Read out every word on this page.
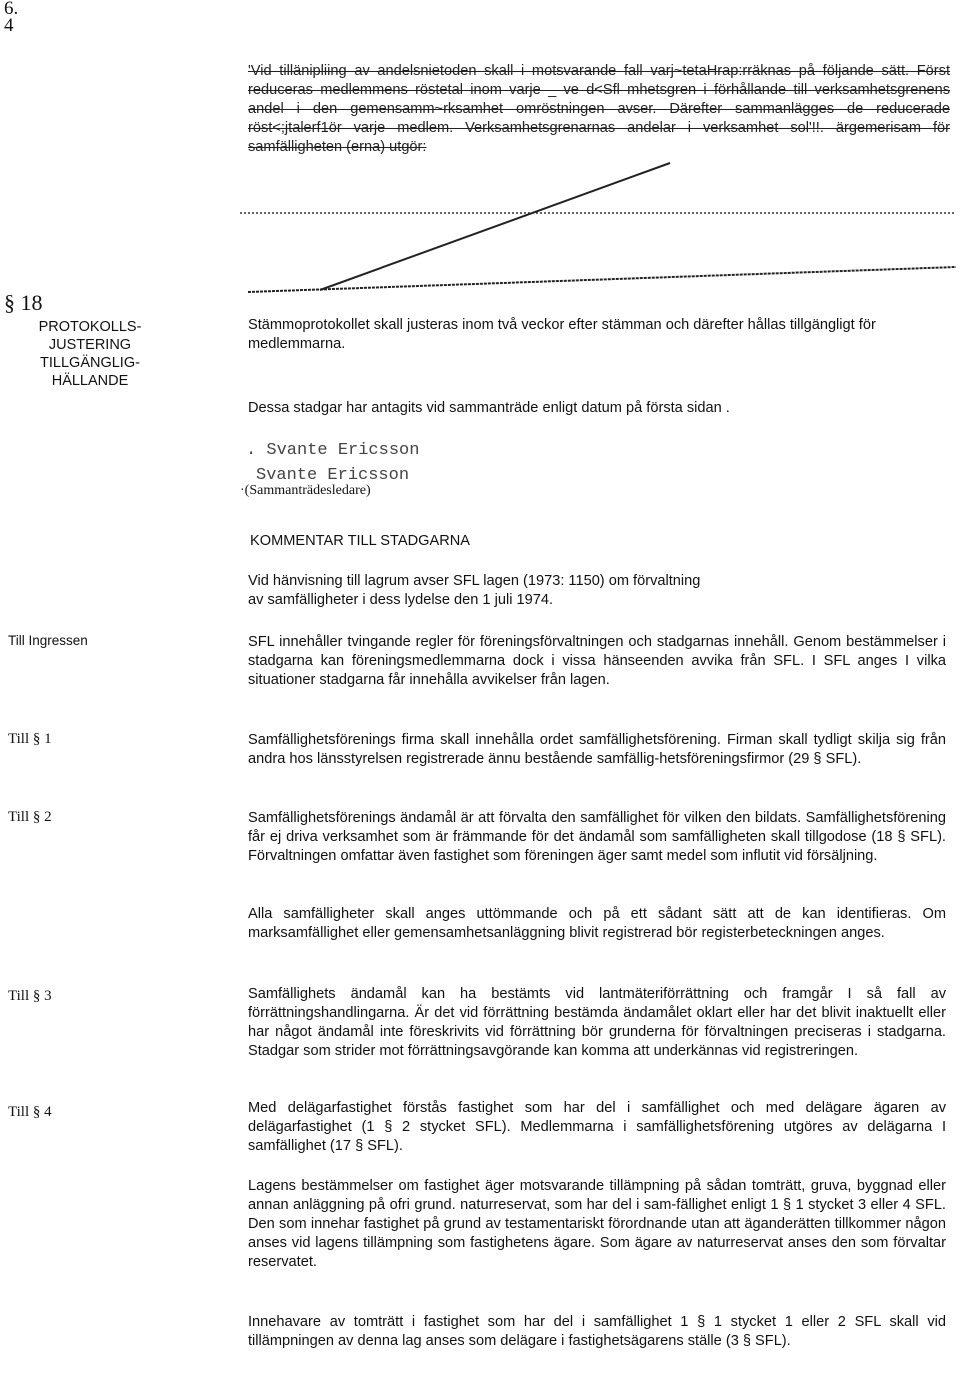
6.
4
'Vid tillänipliing av andelsnietoden skall i motsvarande fall varj~tetaHrap:rräknas på följande sätt. Först reduceras medlemmens röstetal inom varje _ ve d<Sfl mhetsgren i förhållande till verksamhetsgrenens andel i den gemensamm~rksamhet omröstningen avser. Därefter sammanlägges de reducerade röst<;jtalerf1ör varje medlem. Verksamhetsgrenarnas andelar i verksamhet sol'!!. ärgemerisam för samfälligheten (erna) utgör:
§ 18
PROTOKOLLS-
JUSTERING
TILLGÄNGLIG-
HÄLLANDE
Stämmoprotokollet skall justeras inom två veckor efter stämman och därefter hållas tillgängligt för medlemmarna.
Dessa stadgar har antagits vid sammanträde enligt datum på första sidan .
. Svante Ericsson
Svante Ericsson
·(Sammanträdesledare)
KOMMENTAR TILL STADGARNA
Vid hänvisning till lagrum avser SFL lagen (1973: 1150) om förvaltning av samfälligheter i dess lydelse den 1 juli 1974.
Till Ingressen	SFL innehåller tvingande regler för föreningsförvaltningen och stadgarnas innehåll. Genom bestämmelser i stadgarna kan föreningsmedlemmarna dock i vissa hänseenden avvika från SFL. I SFL anges I vilka situationer stadgarna får innehålla avvikelser från lagen.
Till § 1	Samfällighetsförenings firma skall innehålla ordet samfällighetsförening. Firman skall tydligt skilja sig från andra hos länsstyrelsen registrerade ännu bestående samfällig-hetsföreningsfirmor (29 § SFL).
Till § 2	Samfällighetsförenings ändamål är att förvalta den samfällighet för vilken den bildats. Samfällighetsförening får ej driva verksamhet som är främmande för det ändamål som samfälligheten skall tillgodose (18 § SFL). Förvaltningen omfattar även fastighet som föreningen äger samt medel som influtit vid försäljning.
Alla samfälligheter skall anges uttömmande och på ett sådant sätt att de kan identifieras. Om marksamfällighet eller gemensamhetsanläggning blivit registrerad bör registerbeteckningen anges.
Till § 3	Samfällighets ändamål kan ha bestämts vid lantmäteriförrättning och framgår I så fall av förrättningshandlingarna. Är det vid förrättning bestämda ändamålet oklart eller har det blivit inaktuellt eller har något ändamål inte föreskrivits vid förrättning bör grunderna för förvaltningen preciseras i stadgarna. Stadgar som strider mot förrättningsavgörande kan komma att underkännas vid registreringen.
Till § 4	Med delägarfastighet förstås fastighet som har del i samfällighet och med delägare ägaren av delägarfastighet (1 § 2 stycket SFL). Medlemmarna i samfällighetsförening utgöres av delägarna I samfällighet (17 § SFL).
Lagens bestämmelser om fastighet äger motsvarande tillämpning på sådan tomträtt, gruva, byggnad eller annan anläggning på ofri grund. naturreservat, som har del i sam-fällighet enligt 1 § 1 stycket 3 eller 4 SFL. Den som innehar fastighet på grund av testamentariskt förordnande utan att äganderätten tillkommer någon anses vid lagens tillämpning som fastighetens ägare. Som ägare av naturreservat anses den som förvaltar reservatet.
Innehavare av tomträtt i fastighet som har del i samfällighet 1 § 1 stycket 1 eller 2 SFL skall vid tillämpningen av denna lag anses som delägare i fastighetsägarens ställe (3 § SFL).
